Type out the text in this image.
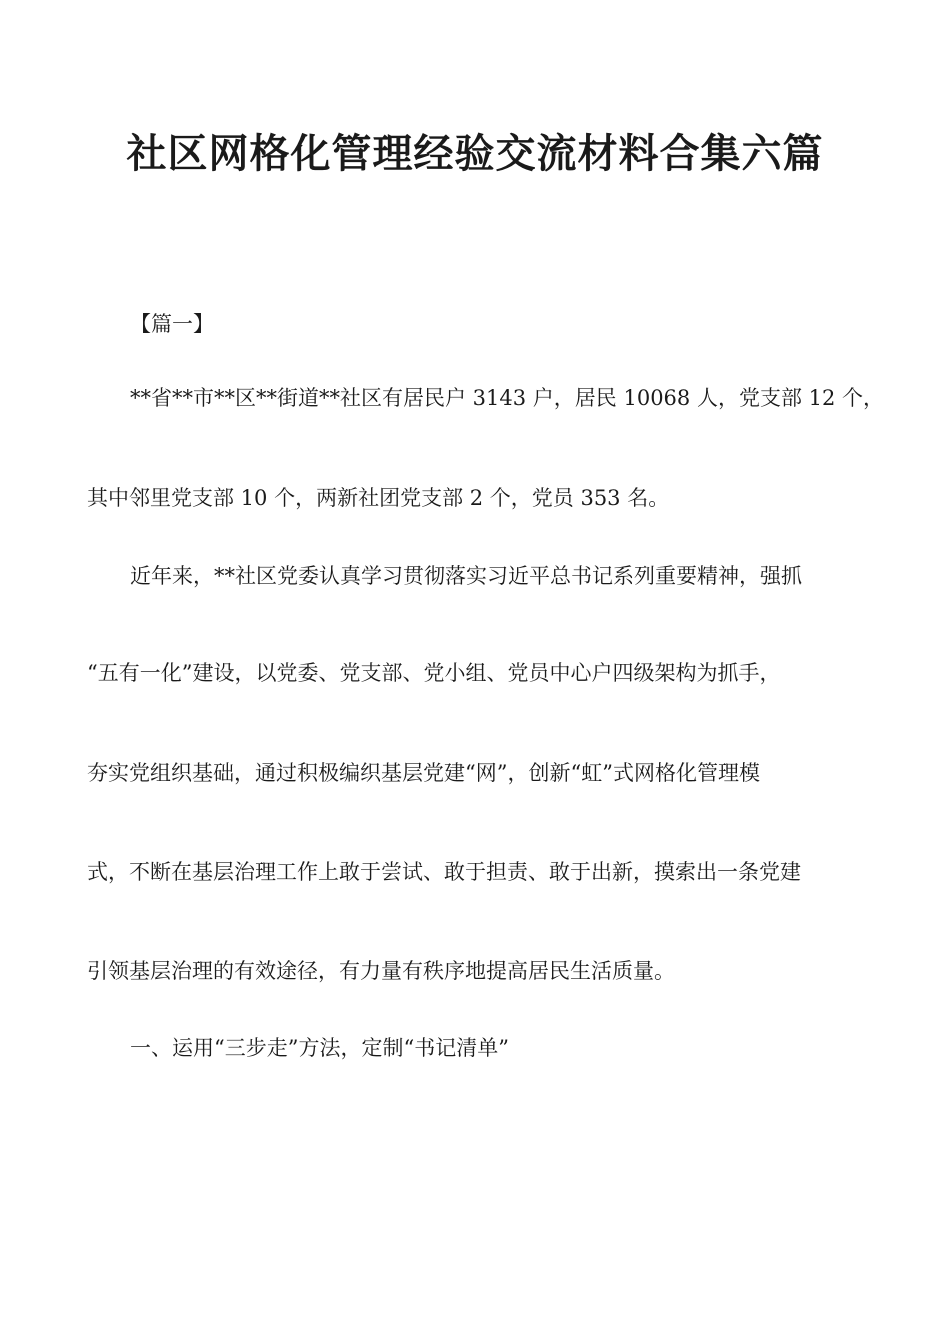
社区网格化管理经验交流材料合集六篇
【篇一】
**省**市**区**街道**社区有居民户 3143 户，居民 10068 人，党支部 12 个，
其中邻里党支部 10 个，两新社团党支部 2 个，党员 353 名。
近年来，**社区党委认真学习贯彻落实习近平总书记系列重要精神，强抓
“五有一化”建设，以党委、党支部、党小组、党员中心户四级架构为抓手，
夯实党组织基础，通过积极编织基层党建“网”，创新“虹”式网格化管理模
式，不断在基层治理工作上敢于尝试、敢于担责、敢于出新，摸索出一条党建
引领基层治理的有效途径，有力量有秩序地提高居民生活质量。
一、运用“三步走”方法，定制“书记清单”
